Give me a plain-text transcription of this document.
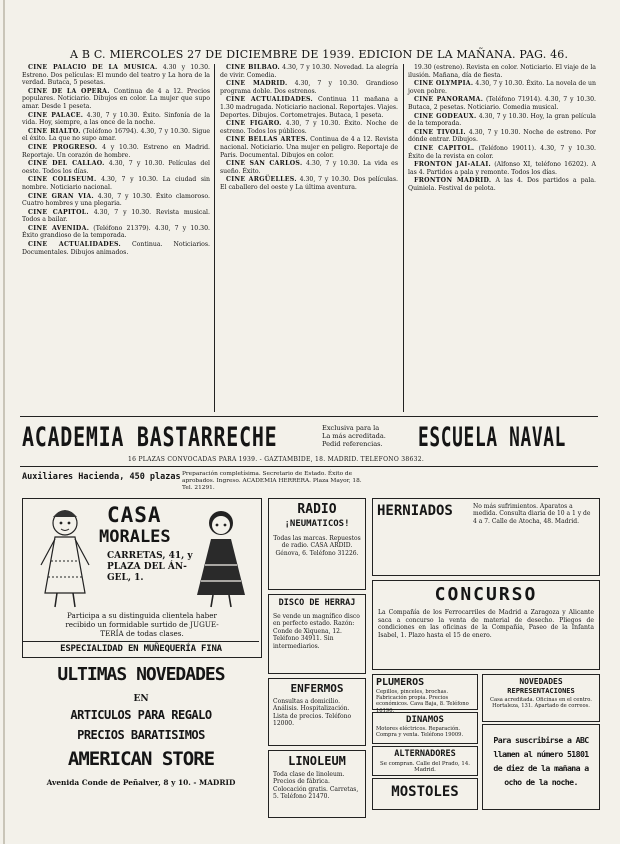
A B C. MIERCOLES 27 DE DICIEMBRE DE 1939. EDICION DE LA MAÑANA. PAG. 46.

CINE PALACIO DE LA MUSICA. 4.30 y 10.30. Estreno. Dos películas: El mundo del teatro y La hora de la verdad. Butaca, 5 pesetas.

CINE DE LA OPERA. Continua de 4 a 12. Precios populares. Noticiario. Dibujos en color. La mujer que supo amar. Desde 1 peseta.

CINE PALACE. 4.30, 7 y 10.30. Éxito. Sinfonía de la vida. Hoy, siempre, a las once de la noche.

CINE RIALTO. (Teléfono 16794). 4.30, 7 y 10.30. Sigue el éxito. La que no supo amar.

CINE PROGRESO. 4 y 10.30. Estreno en Madrid. Reportaje. Un corazón de hombre.

CINE DEL CALLAO. 4.30, 7 y 10.30. Películas del oeste. Todos los días.

CINE COLISEUM. 4.30, 7 y 10.30. La ciudad sin nombre. Noticiario nacional.

CINE GRAN VIA. 4.30, 7 y 10.30. Éxito clamoroso. Cuatro hombres y una plegaria.

CINE CAPITOL. 4.30, 7 y 10.30. Revista musical. Todos a bailar.

CINE AVENIDA. (Teléfono 21379). 4.30, 7 y 10.30. Éxito grandioso de la temporada.

CINE ACTUALIDADES. Continua. Noticiarios. Documentales. Dibujos animados.

CINE BILBAO. 4.30, 7 y 10.30. Novedad. La alegría de vivir. Comedia.

CINE MADRID. 4.30, 7 y 10.30. Grandioso programa doble. Dos estrenos.

CINE ACTUALIDADES. Continua 11 mañana a 1.30 madrugada. Noticiario nacional. Reportajes. Viajes. Deportes. Dibujos. Cortometrajes. Butaca, 1 peseta.

CINE FIGARO. 4.30, 7 y 10.30. Éxito. Noche de estreno. Todos los públicos.

CINE BELLAS ARTES. Continua de 4 a 12. Revista nacional. Noticiario. Una mujer en peligro. Reportaje de Paris. Documental. Dibujos en color.

CINE SAN CARLOS. 4.30, 7 y 10.30. La vida es sueño. Éxito.

CINE ARGÜELLES. 4.30, 7 y 10.30. Dos películas. El caballero del oeste y La última aventura.

19.30 (estreno). Revista en color. Noticiario. El viaje de la ilusión. Mañana, día de fiesta.

CINE OLYMPIA. 4.30, 7 y 10.30. Éxito. La novela de un joven pobre.

CINE PANORAMA. (Teléfono 71914). 4.30, 7 y 10.30. Butaca, 2 pesetas. Noticiario. Comedia musical.

CINE GODEAUX. 4.30, 7 y 10.30. Hoy, la gran película de la temporada.

CINE TIVOLI. 4.30, 7 y 10.30. Noche de estreno. Por dónde entrar. Dibujos.

CINE CAPITOL. (Teléfono 19011). 4.30, 7 y 10.30. Éxito de la revista en color.

FRONTON JAI-ALAI. (Alfonso XI, teléfono 16202). A las 4. Partidos a pala y remonte. Todos los días.

FRONTON MADRID. A las 4. Dos partidos a pala. Quiniela. Festival de pelota.

ACADEMIA BASTARRECHE	Exclusiva para la
La más acreditada.
Pedid referencias.	ESCUELA NAVAL
16 PLAZAS CONVOCADAS PARA 1939. - GAZTAMBIDE, 18. MADRID. TELEFONO 38632.
Auxiliares Hacienda, 450 plazas Preparación completísima. Secretario de Estado. Éxito de aprobados. Ingreso. ACADEMIA HERRERA. Plaza Mayor, 18. Tel. 21291.
CASA
MORALES
CARRETAS, 41, y
PLAZA DEL ÁN-
GEL, 1.
Participa a su distinguida clientela haber
recibido un formidable surtido de JUGUE-
TERÍA de todas clases.
ESPECIALIDAD EN MUÑEQUERÍA FINA
ULTIMAS NOVEDADES
EN
ARTICULOS PARA REGALO
PRECIOS BARATISIMOS
AMERICAN STORE
Avenida Conde de Peñalver, 8 y 10. - MADRID
RADIO
¡NEUMATICOS!
Todas las marcas. Repuestos de radio. CASA ARDID. Génova, 6. Teléfono 31226.
DISCO DE HERRAJ
Se vende un magnífico disco en perfecto estado. Razón: Conde de Xiquena, 12. Teléfono 34911. Sin intermediarios.
ENFERMOS
Consultas a domicilio. Análisis. Hospitalización. Lista de precios. Teléfono 12000.
LINOLEUM
Toda clase de linoleum. Precios de fábrica. Colocación gratis. Carretas, 5. Teléfono 21470.
HERNIADOS	No más sufrimientos. Aparatos a medida. Consulta diaria de 10 a 1 y de 4 a 7. Calle de Atocha, 48. Madrid.
CONCURSO
La Compañía de los Ferrocarriles de Madrid a Zaragoza y Alicante saca a concurso la venta de material de desecho. Pliegos de condiciones en las oficinas de la Compañía, Paseo de la Infanta Isabel, 1. Plazo hasta el 15 de enero.
PLUMEROS
Cepillos, pinceles, brochas. Fabricación propia. Precios económicos. Cava Baja, 8. Teléfono 16190.
DINAMOS
Motores eléctricos. Reparación. Compra y venta. Teléfono 19009.
ALTERNADORES
Se compran. Calle del Prado, 14. Madrid.
MOSTOLES
NOVEDADES
REPRESENTACIONES
Casa acreditada. Oficinas en el centro. Hortaleza, 131. Apartado de correos.
Para suscribirse a ABC
llamen al número 51801
de diez de la mañana a
ocho de la noche.
